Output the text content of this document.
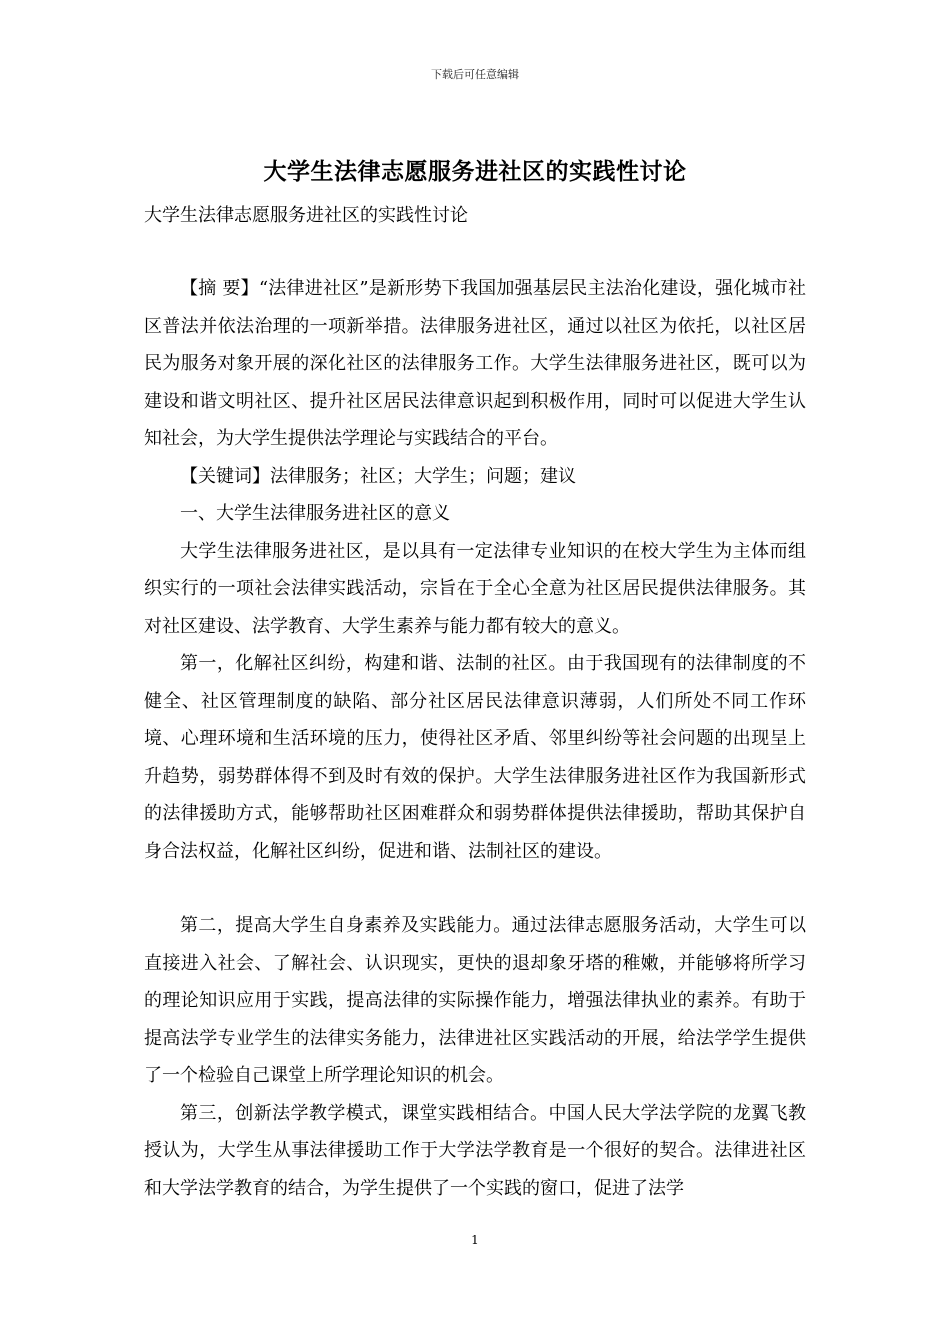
下载后可任意编辑
大学生法律志愿服务进社区的实践性讨论
大学生法律志愿服务进社区的实践性讨论

【摘 要】“法律进社区”是新形势下我国加强基层民主法治化建设，强化城市社区普法并依法治理的一项新举措。法律服务进社区，通过以社区为依托，以社区居民为服务对象开展的深化社区的法律服务工作。大学生法律服务进社区，既可以为建设和谐文明社区、提升社区居民法律意识起到积极作用，同时可以促进大学生认知社会，为大学生提供法学理论与实践结合的平台。

【关键词】法律服务；社区；大学生；问题；建议

一、大学生法律服务进社区的意义

大学生法律服务进社区，是以具有一定法律专业知识的在校大学生为主体而组织实行的一项社会法律实践活动，宗旨在于全心全意为社区居民提供法律服务。其对社区建设、法学教育、大学生素养与能力都有较大的意义。

第一，化解社区纠纷，构建和谐、法制的社区。由于我国现有的法律制度的不健全、社区管理制度的缺陷、部分社区居民法律意识薄弱，人们所处不同工作环境、心理环境和生活环境的压力，使得社区矛盾、邻里纠纷等社会问题的出现呈上升趋势，弱势群体得不到及时有效的保护。大学生法律服务进社区作为我国新形式的法律援助方式，能够帮助社区困难群众和弱势群体提供法律援助，帮助其保护自身合法权益，化解社区纠纷，促进和谐、法制社区的建设。

第二，提高大学生自身素养及实践能力。通过法律志愿服务活动，大学生可以直接进入社会、了解社会、认识现实，更快的退却象牙塔的稚嫩，并能够将所学习的理论知识应用于实践，提高法律的实际操作能力，增强法律执业的素养。有助于提高法学专业学生的法律实务能力，法律进社区实践活动的开展，给法学学生提供了一个检验自己课堂上所学理论知识的机会。

第三，创新法学教学模式，课堂实践相结合。中国人民大学法学院的龙翼飞教授认为，大学生从事法律援助工作于大学法学教育是一个很好的契合。法律进社区和大学法学教育的结合，为学生提供了一个实践的窗口，促进了法学

1
